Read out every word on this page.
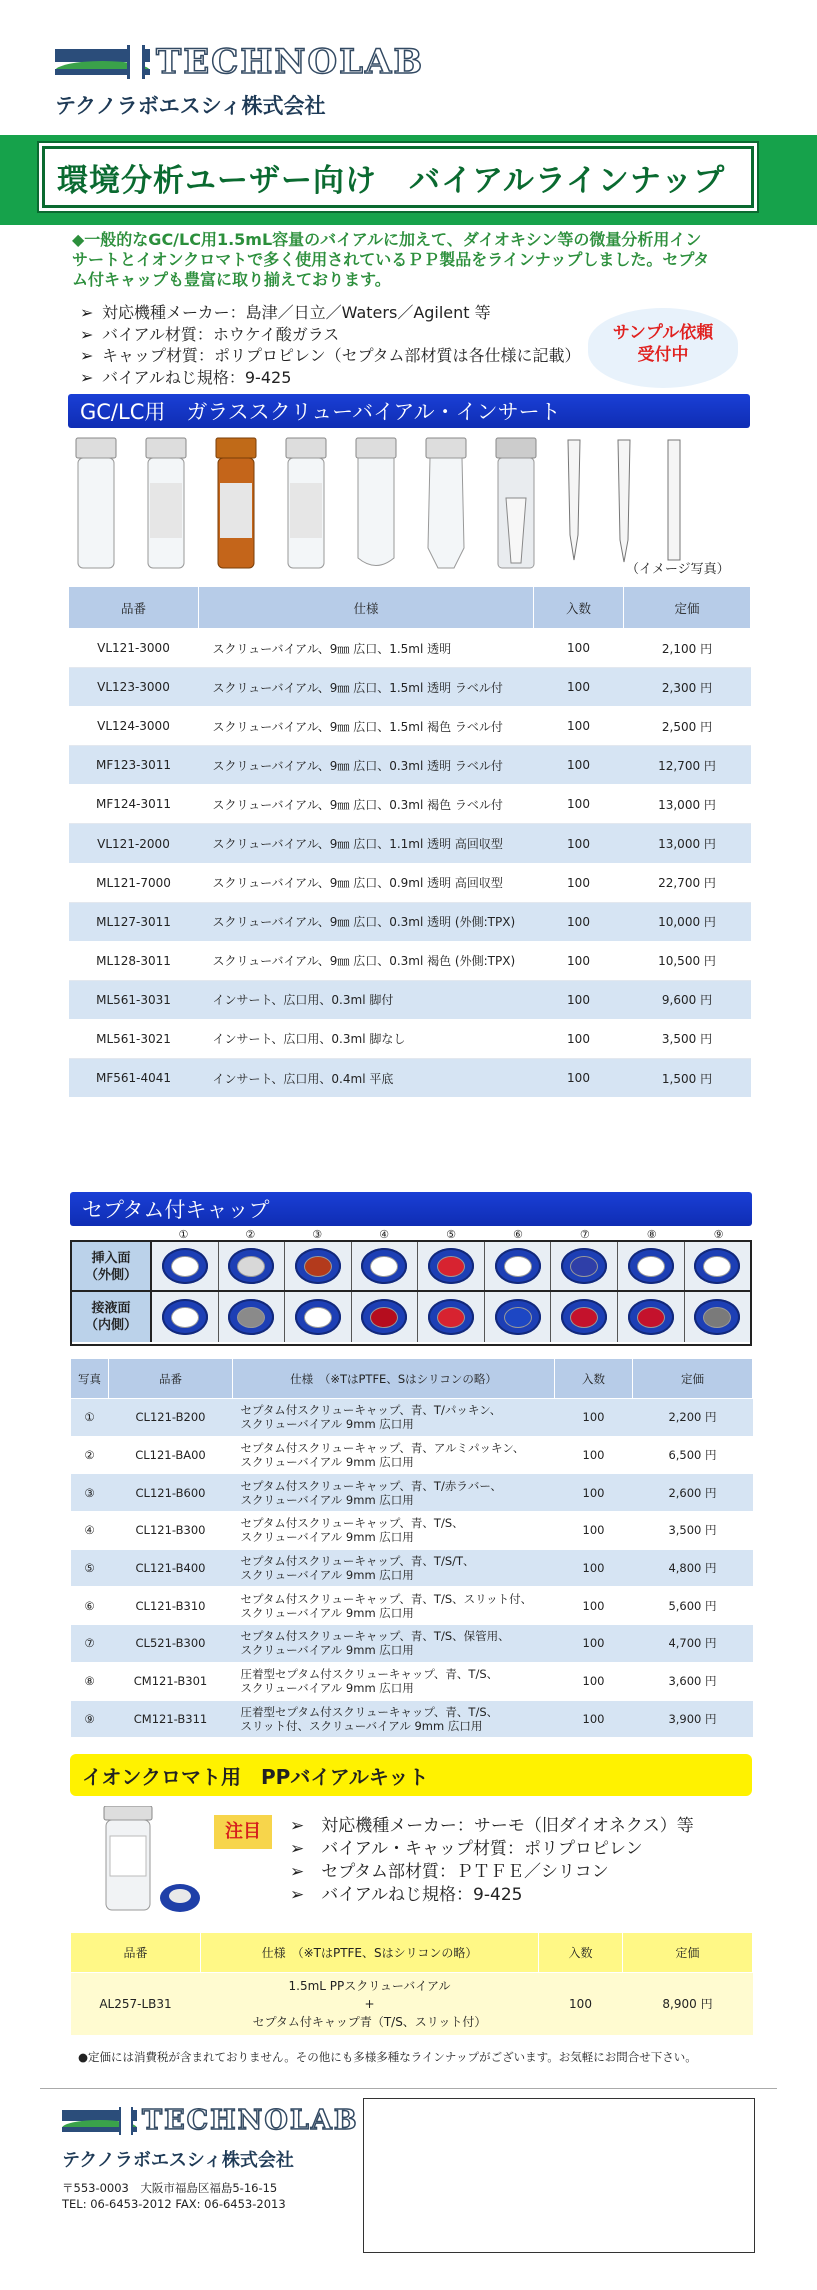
TECHNOLAB
テクノラボエスシィ株式会社
環境分析ユーザー向け　バイアルラインナップ
◆一般的なGC/LC用1.5mL容量のバイアルに加えて、ダイオキシン等の微量分析用インサートとイオンクロマトで多く使用されているＰＰ製品をラインナップしました。セプタム付キャップも豊富に取り揃えております。
➢ 対応機種メーカー：島津／日立／Waters／Agilent 等
➢ バイアル材質：ホウケイ酸ガラス
➢ キャップ材質：ポリプロピレン（セプタム部材質は各仕様に記載）
➢ バイアルねじ規格：9-425
サンプル依頼
受付中
GC/LC用　ガラススクリューバイアル・インサート
（イメージ写真）
品番	仕様	入数	定価
VL121-3000	スクリューバイアル、9㎜ 広口、1.5ml 透明	100	2,100 円
VL123-3000	スクリューバイアル、9㎜ 広口、1.5ml 透明 ラベル付	100	2,300 円
VL124-3000	スクリューバイアル、9㎜ 広口、1.5ml 褐色 ラベル付	100	2,500 円
MF123-3011	スクリューバイアル、9㎜ 広口、0.3ml 透明 ラベル付	100	12,700 円
MF124-3011	スクリューバイアル、9㎜ 広口、0.3ml 褐色 ラベル付	100	13,000 円
VL121-2000	スクリューバイアル、9㎜ 広口、1.1ml 透明 高回収型	100	13,000 円
ML121-7000	スクリューバイアル、9㎜ 広口、0.9ml 透明 高回収型	100	22,700 円
ML127-3011	スクリューバイアル、9㎜ 広口、0.3ml 透明 (外側:TPX)	100	10,000 円
ML128-3011	スクリューバイアル、9㎜ 広口、0.3ml 褐色 (外側:TPX)	100	10,500 円
ML561-3031	インサート、広口用、0.3ml 脚付	100	9,600 円
ML561-3021	インサート、広口用、0.3ml 脚なし	100	3,500 円
MF561-4041	インサート、広口用、0.4ml 平底	100	1,500 円
セプタム付キャップ
①	②	③	④	⑤	⑥	⑦	⑧	⑨
挿入面
（外側）
接液面
（内側）
写真	品番	仕様　（※TはPTFE、Sはシリコンの略）	入数	定価
①	CL121-B200	セプタム付スクリューキャップ、青、T/パッキン、
スクリューバイアル 9mm 広口用	100	2,200 円
②	CL121-BA00	セプタム付スクリューキャップ、青、アルミパッキン、
スクリューバイアル 9mm 広口用	100	6,500 円
③	CL121-B600	セプタム付スクリューキャップ、青、T/赤ラバー、
スクリューバイアル 9mm 広口用	100	2,600 円
④	CL121-B300	セプタム付スクリューキャップ、青、T/S、
スクリューバイアル 9mm 広口用	100	3,500 円
⑤	CL121-B400	セプタム付スクリューキャップ、青、T/S/T、
スクリューバイアル 9mm 広口用	100	4,800 円
⑥	CL121-B310	セプタム付スクリューキャップ、青、T/S、スリット付、
スクリューバイアル 9mm 広口用	100	5,600 円
⑦	CL521-B300	セプタム付スクリューキャップ、青、T/S、保管用、
スクリューバイアル 9mm 広口用	100	4,700 円
⑧	CM121-B301	圧着型セプタム付スクリューキャップ、青、T/S、
スクリューバイアル 9mm 広口用	100	3,600 円
⑨	CM121-B311	圧着型セプタム付スクリューキャップ、青、T/S、
スリット付、スクリューバイアル 9mm 広口用	100	3,900 円
イオンクロマト用　PPバイアルキット
注目	➢　対応機種メーカー：サーモ（旧ダイオネクス）等
➢　バイアル・キャップ材質：ポリプロピレン
➢　セプタム部材質：ＰＴＦＥ／シリコン
➢　バイアルねじ規格：9-425
品番	仕様　（※TはPTFE、Sはシリコンの略）	入数	定価
AL257-LB31	1.5mL PPスクリューバイアル
+
セプタム付キャップ青（T/S、スリット付）	100	8,900 円
●定価には消費税が含まれておりません。その他にも多様多種なラインナップがございます。お気軽にお問合せ下さい。
TECHNOLAB
テクノラボエスシィ株式会社
〒553-0003　大阪市福島区福島5-16-15
TEL: 06-6453-2012 FAX: 06-6453-2013
